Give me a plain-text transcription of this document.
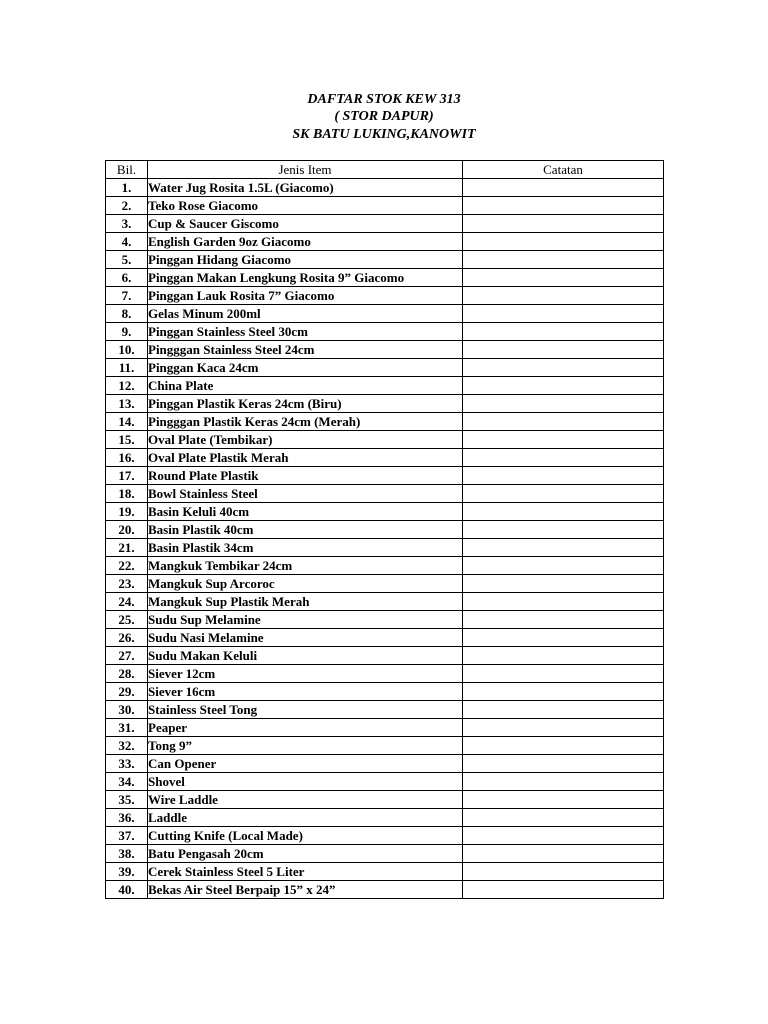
DAFTAR STOK KEW 313
( STOR DAPUR)
SK BATU LUKING,KANOWIT
Bil.	Jenis Item	Catatan
1.	Water Jug Rosita 1.5L (Giacomo)	
2.	Teko Rose Giacomo	
3.	Cup & Saucer Giscomo	
4.	English Garden 9oz Giacomo	
5.	Pinggan Hidang Giacomo	
6.	Pinggan Makan Lengkung Rosita 9” Giacomo	
7.	Pinggan Lauk Rosita 7” Giacomo	
8.	Gelas Minum 200ml	
9.	Pinggan Stainless Steel 30cm	
10.	Pingggan Stainless Steel 24cm	
11.	Pinggan Kaca 24cm	
12.	China Plate	
13.	Pinggan Plastik Keras 24cm (Biru)	
14.	Pingggan Plastik Keras 24cm (Merah)	
15.	Oval Plate (Tembikar)	
16.	Oval Plate Plastik Merah	
17.	Round Plate Plastik	
18.	Bowl Stainless Steel	
19.	Basin Keluli 40cm	
20.	Basin Plastik 40cm	
21.	Basin Plastik 34cm	
22.	Mangkuk Tembikar 24cm	
23.	Mangkuk Sup Arcoroc	
24.	Mangkuk Sup Plastik Merah	
25.	Sudu Sup Melamine	
26.	Sudu Nasi Melamine	
27.	Sudu Makan Keluli	
28.	Siever 12cm	
29.	Siever 16cm	
30.	Stainless Steel Tong	
31.	Peaper	
32.	Tong 9”	
33.	Can Opener	
34.	Shovel	
35.	Wire Laddle	
36.	Laddle	
37.	Cutting Knife (Local Made)	
38.	Batu Pengasah 20cm	
39.	Cerek Stainless Steel 5 Liter	
40.	Bekas Air Steel Berpaip 15” x 24”	
